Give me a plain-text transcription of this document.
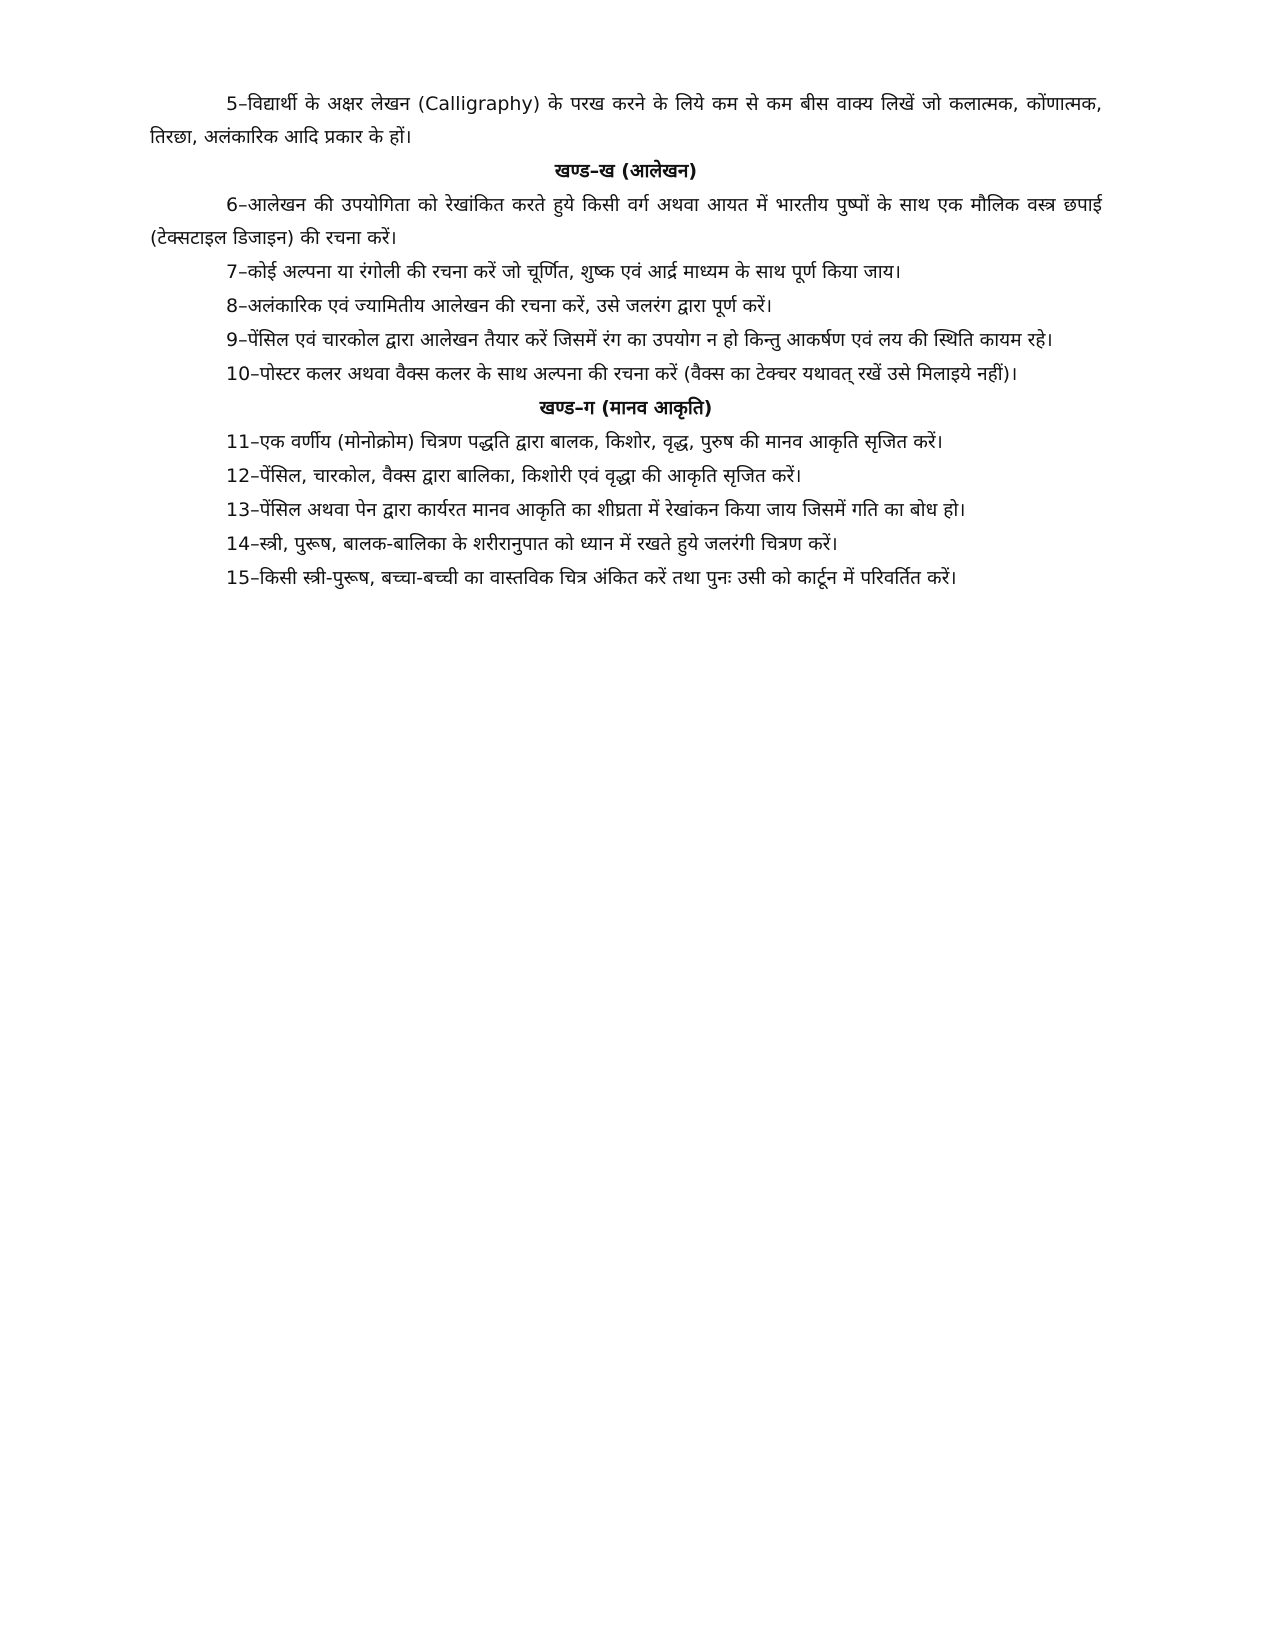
5–विद्यार्थी के अक्षर लेखन (Calligraphy) के परख करने के लिये कम से कम बीस वाक्य लिखें जो कलात्मक, कोंणात्मक, तिरछा, अलंकारिक आदि प्रकार के हों।

खण्ड–ख (आलेखन)

6–आलेखन की उपयोगिता को रेखांकित करते हुये किसी वर्ग अथवा आयत में भारतीय पुष्पों के साथ एक मौलिक वस्त्र छपाई (टेक्सटाइल डिजाइन) की रचना करें।

7–कोई अल्पना या रंगोली की रचना करें जो चूर्णित, शुष्क एवं आर्द्र माध्यम के साथ पूर्ण किया जाय।

8–अलंकारिक एवं ज्यामितीय आलेखन की रचना करें, उसे जलरंग द्वारा पूर्ण करें।

9–पेंसिल एवं चारकोल द्वारा आलेखन तैयार करें जिसमें रंग का उपयोग न हो किन्तु आकर्षण एवं लय की स्थिति कायम रहे।

10–पोस्टर कलर अथवा वैक्स कलर के साथ अल्पना की रचना करें (वैक्स का टेक्चर यथावत् रखें उसे मिलाइये नहीं)।

खण्ड–ग (मानव आकृति)

11–एक वर्णीय (मोनोक्रोम) चित्रण पद्धति द्वारा बालक, किशोर, वृद्ध, पुरुष की मानव आकृति सृजित करें।

12–पेंसिल, चारकोल, वैक्स द्वारा बालिका, किशोरी एवं वृद्धा की आकृति सृजित करें।

13–पेंसिल अथवा पेन द्वारा कार्यरत मानव आकृति का शीघ्रता में रेखांकन किया जाय जिसमें गति का बोध हो।

14–स्त्री, पुरूष, बालक-बालिका के शरीरानुपात को ध्यान में रखते हुये जलरंगी चित्रण करें।

15–किसी स्त्री-पुरूष, बच्चा-बच्ची का वास्तविक चित्र अंकित करें तथा पुनः उसी को कार्टून में परिवर्तित करें।
